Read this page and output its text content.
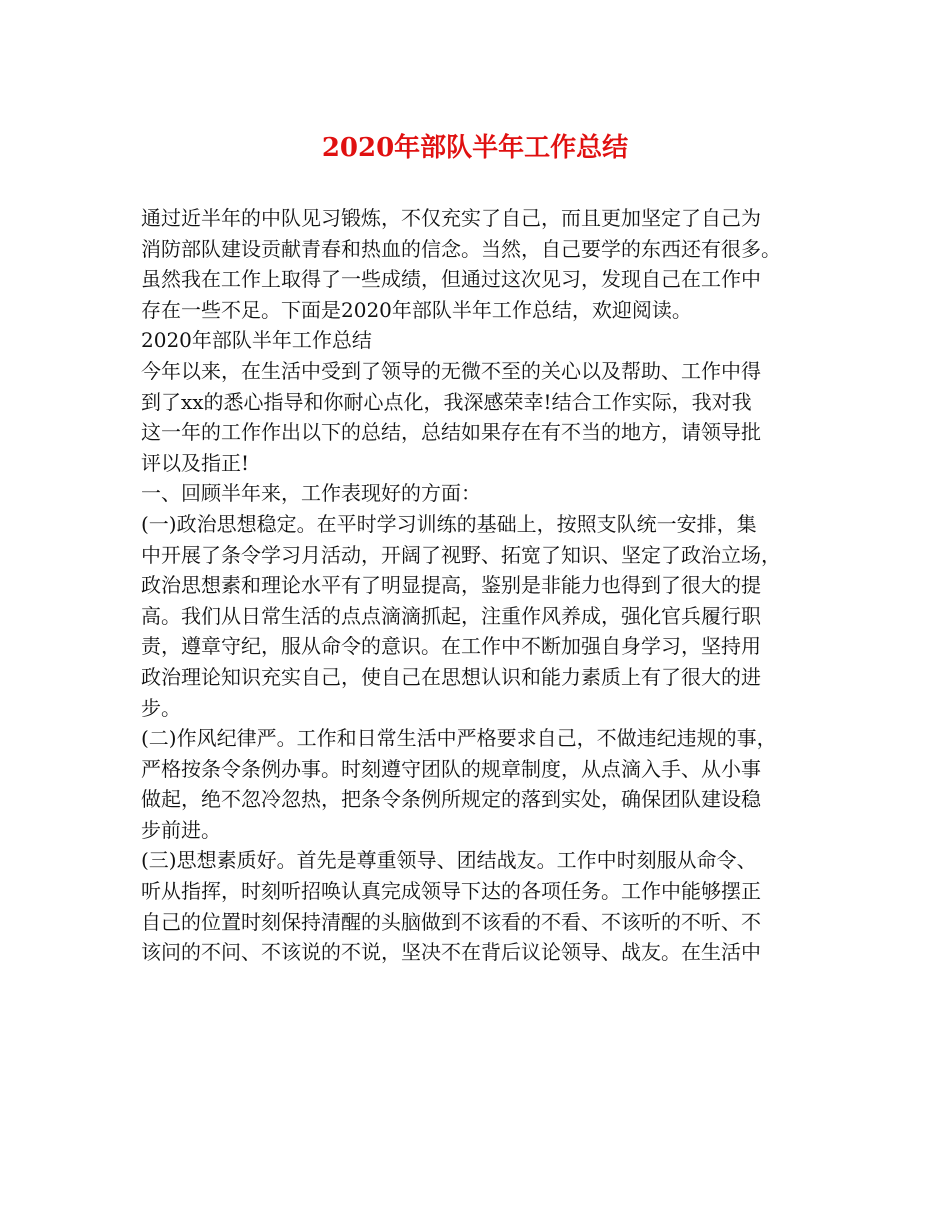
2020年部队半年工作总结
通过近半年的中队见习锻炼，不仅充实了自己，而且更加坚定了自己为
消防部队建设贡献青春和热血的信念。当然，自己要学的东西还有很多。
虽然我在工作上取得了一些成绩，但通过这次见习，发现自己在工作中
存在一些不足。下面是2020年部队半年工作总结，欢迎阅读。
2020年部队半年工作总结
今年以来，在生活中受到了领导的无微不至的关心以及帮助、工作中得
到了xx的悉心指导和你耐心点化，我深感荣幸!结合工作实际，我对我
这一年的工作作出以下的总结，总结如果存在有不当的地方，请领导批
评以及指正!
一、回顾半年来，工作表现好的方面：
(一)政治思想稳定。在平时学习训练的基础上，按照支队统一安排，集
中开展了条令学习月活动，开阔了视野、拓宽了知识、坚定了政治立场，
政治思想素和理论水平有了明显提高，鉴别是非能力也得到了很大的提
高。我们从日常生活的点点滴滴抓起，注重作风养成，强化官兵履行职
责，遵章守纪，服从命令的意识。在工作中不断加强自身学习，坚持用
政治理论知识充实自己，使自己在思想认识和能力素质上有了很大的进
步。
(二)作风纪律严。工作和日常生活中严格要求自己，不做违纪违规的事，
严格按条令条例办事。时刻遵守团队的规章制度，从点滴入手、从小事
做起，绝不忽冷忽热，把条令条例所规定的落到实处，确保团队建设稳
步前进。
(三)思想素质好。首先是尊重领导、团结战友。工作中时刻服从命令、
听从指挥，时刻听招唤认真完成领导下达的各项任务。工作中能够摆正
自己的位置时刻保持清醒的头脑做到不该看的不看、不该听的不听、不
该问的不问、不该说的不说，坚决不在背后议论领导、战友。在生活中
